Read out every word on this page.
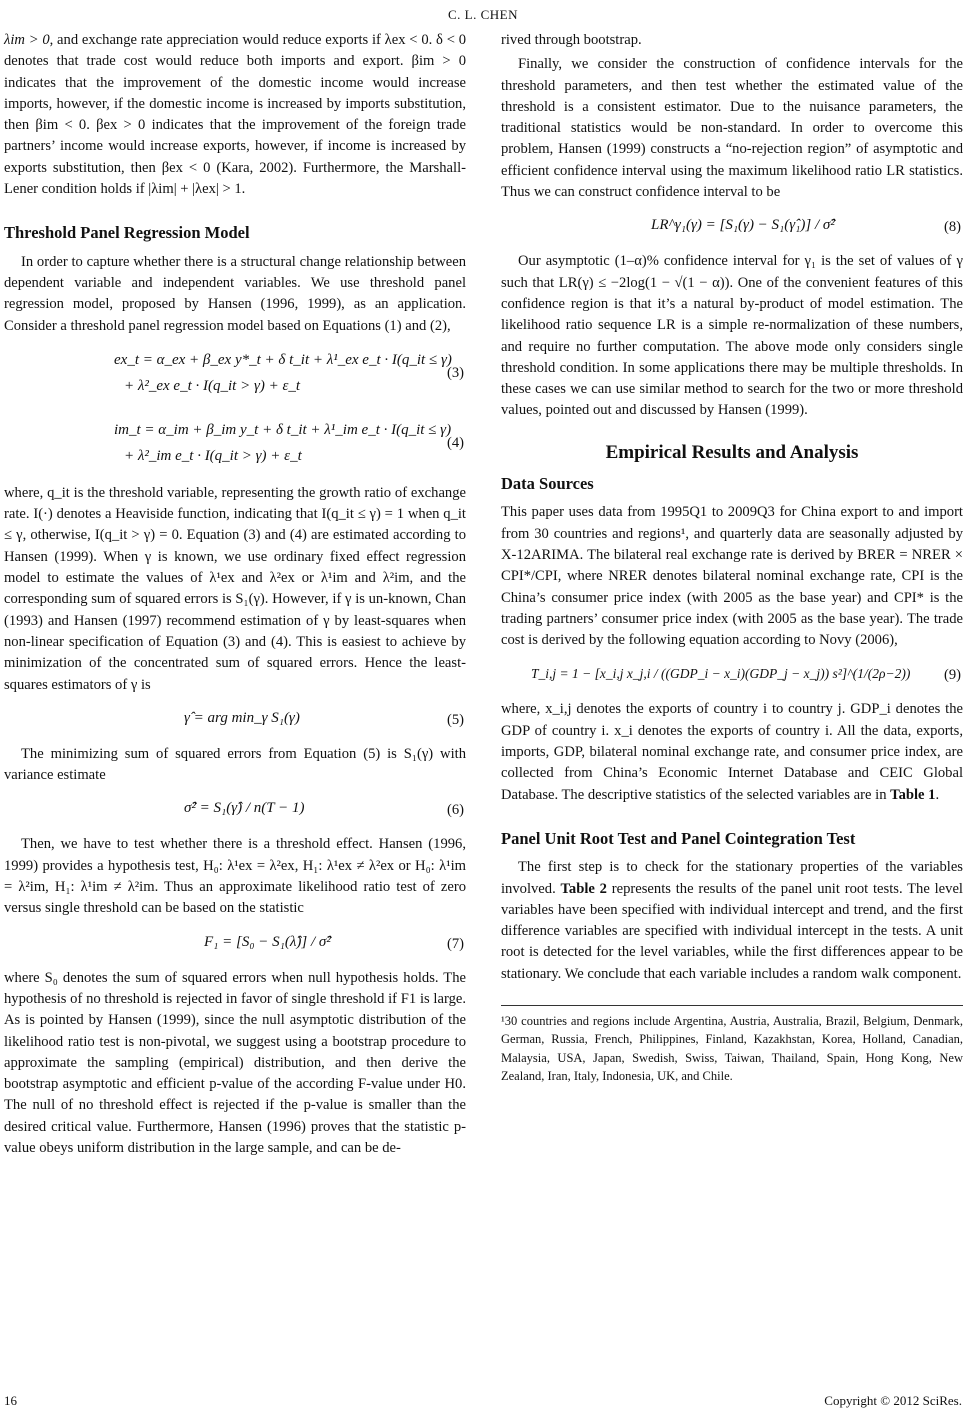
C. L. CHEN

λim > 0, and exchange rate appreciation would reduce exports if λex < 0. δ < 0 denotes that trade cost would reduce both imports and export. βim > 0 indicates that the improvement of the domestic income would increase imports, however, if the domestic income is increased by imports substitution, then βim < 0. βex > 0 indicates that the improvement of the foreign trade partners’ income would increase exports, however, if income is increased by exports substitution, then βex < 0 (Kara, 2002). Furthermore, the Marshall-Lener condition holds if |λim| + |λex| > 1.

Threshold Panel Regression Model

In order to capture whether there is a structural change relationship between dependent variable and independent variables. We use threshold panel regression model, proposed by Hansen (1996, 1999), as an application. Consider a threshold panel regression model based on Equations (1) and (2),

ex_t = α_ex + β_ex y*_t + δ t_it + λ¹_ex e_t · I(q_it ≤ γ)
+ λ²_ex e_t · I(q_it > γ) + ε_t
(3)
im_t = α_im + β_im y_t + δ t_it + λ¹_im e_t · I(q_it ≤ γ)
+ λ²_im e_t · I(q_it > γ) + ε_t
(4)

where, q_it is the threshold variable, representing the growth ratio of exchange rate. I(·) denotes a Heaviside function, indicating that I(q_it ≤ γ) = 1 when q_it ≤ γ, otherwise, I(q_it > γ) = 0. Equation (3) and (4) are estimated according to Hansen (1999). When γ is known, we use ordinary fixed effect regression model to estimate the values of λ¹ex and λ²ex or λ¹im and λ²im, and the corresponding sum of squared errors is S₁(γ). However, if γ is un-known, Chan (1993) and Hansen (1997) recommend estimation of γ by least-squares when non-linear specification of Equation (3) and (4). This is easiest to achieve by minimization of the concentrated sum of squared errors. Hence the least-squares estimators of γ is

γ̂ = arg min_γ S₁(γ)	(5)

The minimizing sum of squared errors from Equation (5) is S₁(γ) with variance estimate

σ̂² = S₁(γ̂) / n(T − 1)	(6)

Then, we have to test whether there is a threshold effect. Hansen (1996, 1999) provides a hypothesis test, H₀: λ¹ex = λ²ex, H₁: λ¹ex ≠ λ²ex or H₀: λ¹im = λ²im, H₁: λ¹im ≠ λ²im. Thus an approximate likelihood ratio test of zero versus single threshold can be based on the statistic

F₁ = [S₀ − S₁(λ̂)] / σ̂²	(7)

where S₀ denotes the sum of squared errors when null hypothesis holds. The hypothesis of no threshold is rejected in favor of single threshold if F1 is large. As is pointed by Hansen (1999), since the null asymptotic distribution of the likelihood ratio test is non-pivotal, we suggest using a bootstrap procedure to approximate the sampling (empirical) distribution, and then derive the bootstrap asymptotic and efficient p-value of the according F-value under H0. The null of no threshold effect is rejected if the p-value is smaller than the desired critical value. Furthermore, Hansen (1996) proves that the statistic p-value obeys uniform distribution in the large sample, and can be de-

rived through bootstrap.

Finally, we consider the construction of confidence intervals for the threshold parameters, and then test whether the estimated value of the threshold is a consistent estimator. Due to the nuisance parameters, the traditional statistics would be non-standard. In order to overcome this problem, Hansen (1999) constructs a “no-rejection region” of asymptotic and efficient confidence interval using the maximum likelihood ratio LR statistics. Thus we can construct confidence interval to be

LR^γ₁(γ) = [S₁(γ) − S₁(γ̂₁)] / σ̂²	(8)

Our asymptotic (1–α)% confidence interval for γ₁ is the set of values of γ such that LR(γ) ≤ −2log(1 − √(1 − α)). One of the convenient features of this confidence region is that it’s a natural by-product of model estimation. The likelihood ratio sequence LR is a simple re-normalization of these numbers, and require no further computation. The above mode only considers single threshold condition. In some applications there may be multiple thresholds. In these cases we can use similar method to search for the two or more threshold values, pointed out and discussed by Hansen (1999).

Empirical Results and Analysis
Data Sources

This paper uses data from 1995Q1 to 2009Q3 for China export to and import from 30 countries and regions¹, and quarterly data are seasonally adjusted by X-12ARIMA. The bilateral real exchange rate is derived by BRER = NRER × CPI*/CPI, where NRER denotes bilateral nominal exchange rate, CPI is the China’s consumer price index (with 2005 as the base year) and CPI* is the trading partners’ consumer price index (with 2005 as the base year). The trade cost is derived by the following equation according to Novy (2006),

T_i,j = 1 − [x_i,j x_j,i / ((GDP_i − x_i)(GDP_j − x_j)) s²]^(1/(2ρ−2)) (9)

where, x_i,j denotes the exports of country i to country j. GDP_i denotes the GDP of country i. x_i denotes the exports of country i. All the data, exports, imports, GDP, bilateral nominal exchange rate, and consumer price index, are collected from China’s Economic Internet Database and CEIC Global Database. The descriptive statistics of the selected variables are in Table 1.

Panel Unit Root Test and Panel Cointegration Test

The first step is to check for the stationary properties of the variables involved. Table 2 represents the results of the panel unit root tests. The level variables have been specified with individual intercept and trend, and the first difference variables are specified with individual intercept in the tests. A unit root is detected for the level variables, while the first differences appear to be stationary. We conclude that each variable includes a random walk component.

¹30 countries and regions include Argentina, Austria, Australia, Brazil, Belgium, Denmark, German, Russia, French, Philippines, Finland, Kazakhstan, Korea, Holland, Canadian, Malaysia, USA, Japan, Swedish, Swiss, Taiwan, Thailand, Spain, Hong Kong, New Zealand, Iran, Italy, Indonesia, UK, and Chile.

16	Copyright © 2012 SciRes.
